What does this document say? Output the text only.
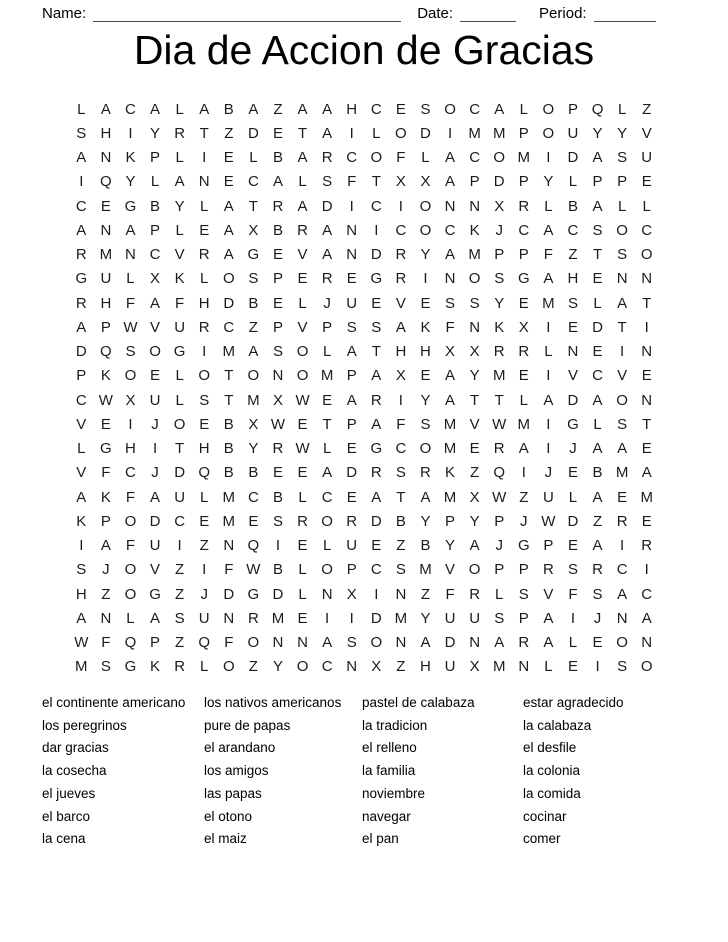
Name:	Date:	Period:
Dia de Accion de Gracias
L	A C A	L	A B A Z	A A H C E S O C A	L O P Q L	Z
S H	I	Y R T	Z D E	T A	I	L O D	I	M M P O U Y Y V
A N K P	L	I	E	L	B A R C O F	L	A C O M	I	D A S U
I	Q Y	L	A N E C A	L	S F	T X X A P D P Y	L	P P E
C E G B Y	L	A T R A D	I	C	I	O N N X R L	B A	L	L
A N A P	L	E A X B R A N	I	C O C K	J	C A C S O C
R M N C V R A G E V A N D R Y A M P P F	Z	T S O
G U	L	X K	L O S P E R E G R	I	N O S G A H E N N
R H F	A F H D B E	L	J	U E V E S S Y E M S	L	A T
A P W V U R C Z P V P S S A K	F N K X	I	E D T	I
D Q S O G	I	M A S O L	A	T H H X X R R L	N E	I	N
P K O E	L O T O N O M P A X E A Y M E	I	V C V E
C W X U L	S	T M X W E A R	I	Y A T	T	L	A D A O N
V E	I	J	O E B X W E T P A F S M V W M	I	G L	S T
L G H	I	T H B Y R W L	E G C O M E R A	I	J	A A E
V F C	J	D Q B B E E A D R S R K Z Q	I	J	E B M A
A K F	A U	L M C B	L C E A T A M X W Z U	L	A E M
K P O D C E M E S R O R D B Y P Y P	J W D Z R E
I	A F U	I	Z N Q	I	E	L	U E Z B Y A	J	G P E A	I	R
S	J	O V Z	I	F W B	L O P C S M V O P P R S R C	I
H Z O G Z	J	D G D L N X	I	N Z	F R	L	S V F	S A C
A N	L	A S U N R M E	I	I	D M Y U U S P A	I	J	N A
W F Q P Z Q F O N N A S O N A D N A R A	L	E O N
M S G K R	L O Z Y O C N X Z H U X M N L	E	I	S O
el continente americano
los peregrinos
dar gracias
la cosecha
el jueves
el barco
la cena
los nativos americanos
pure de papas
el arandano
los amigos
las papas
el otono
el maiz
pastel de calabaza
la tradicion
el relleno
la familia
noviembre
navegar
el pan
estar agradecido
la calabaza
el desfile
la colonia
la comida
cocinar
comer
